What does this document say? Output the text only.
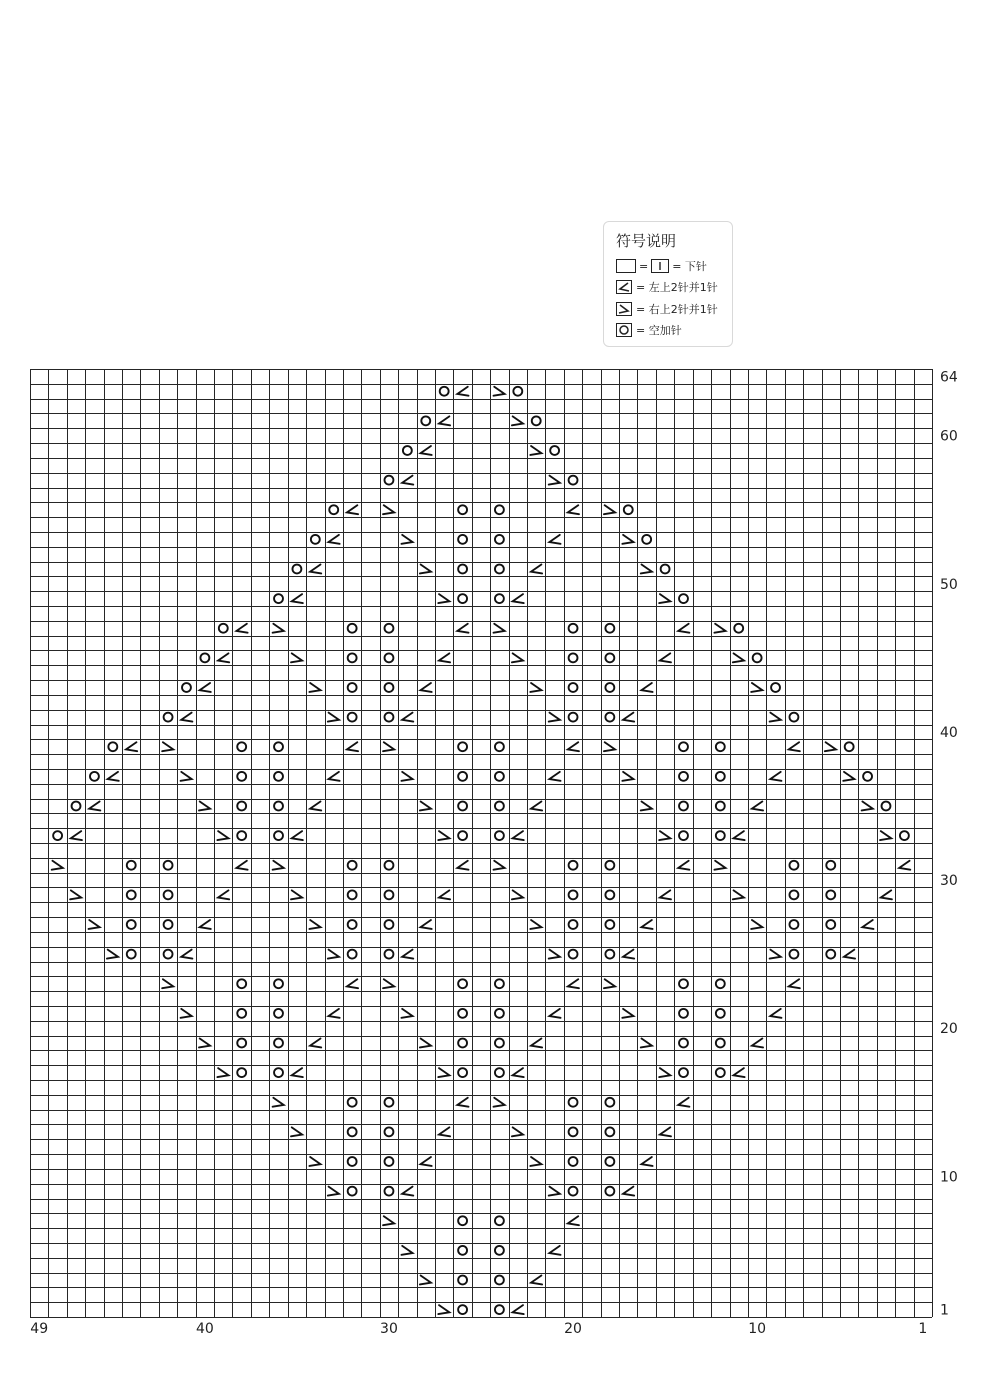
符号说明
= = 下针
= 左上2针并1针
= 右上2针并1针
= 空加针
1
10
20
30
40
50
60
64
1
10
20
30
40
49
